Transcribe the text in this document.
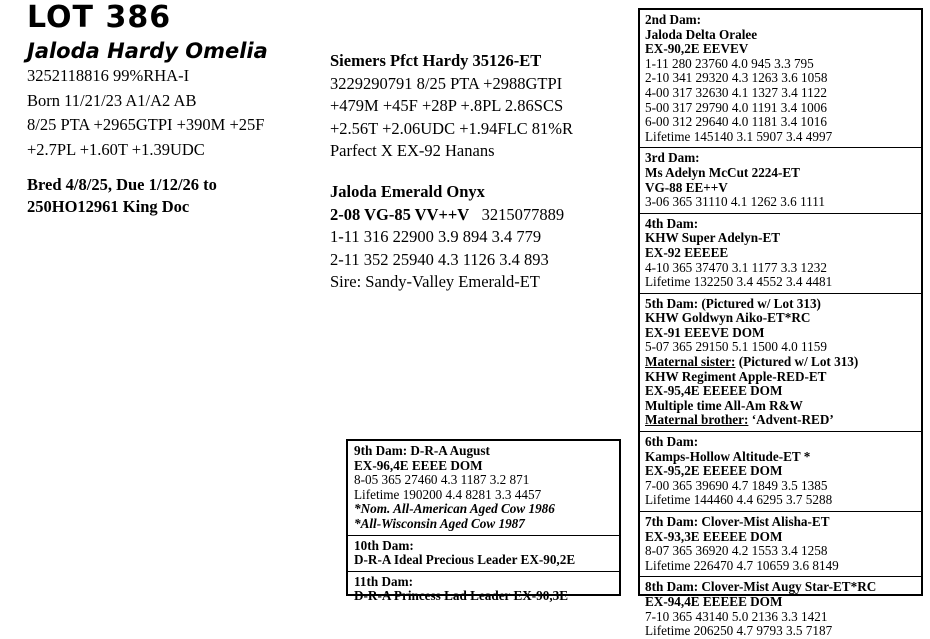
LOT 386
Jaloda Hardy Omelia
3252118816 99%RHA-I
Born 11/21/23 A1/A2 AB
8/25 PTA +2965GTPI +390M +25F
+2.7PL +1.60T +1.39UDC
Bred 4/8/25, Due 1/12/26 to
250HO12961 King Doc
Siemers Pfct Hardy 35126-ET
3229290791 8/25 PTA +2988GTPI
+479M +45F +28P +.8PL 2.86SCS
+2.56T +2.06UDC +1.94FLC 81%R
Parfect X EX-92 Hanans
Jaloda Emerald Onyx
2-08 VG-85 VV++V 3215077889
1-11 316 22900 3.9 894 3.4 779
2-11 352 25940 4.3 1126 3.4 893
Sire: Sandy-Valley Emerald-ET
2nd Dam:
Jaloda Delta Oralee
EX-90,2E EEVEV
1-11 280 23760 4.0 945 3.3 795
2-10 341 29320 4.3 1263 3.6 1058
4-00 317 32630 4.1 1327 3.4 1122
5-00 317 29790 4.0 1191 3.4 1006
6-00 312 29640 4.0 1181 3.4 1016
Lifetime 145140 3.1 5907 3.4 4997
3rd Dam:
Ms Adelyn McCut 2224-ET
VG-88 EE++V
3-06 365 31110 4.1 1262 3.6 1111
4th Dam:
KHW Super Adelyn-ET
EX-92 EEEEE
4-10 365 37470 3.1 1177 3.3 1232
Lifetime 132250 3.4 4552 3.4 4481
5th Dam: (Pictured w/ Lot 313)
KHW Goldwyn Aiko-ET*RC
EX-91 EEEVE DOM
5-07 365 29150 5.1 1500 4.0 1159
Maternal sister: (Pictured w/ Lot 313)
KHW Regiment Apple-RED-ET
EX-95,4E EEEEE DOM
Multiple time All-Am R&W
Maternal brother: ‘Advent-RED’
6th Dam:
Kamps-Hollow Altitude-ET *
EX-95,2E EEEEE DOM
7-00 365 39690 4.7 1849 3.5 1385
Lifetime 144460 4.4 6295 3.7 5288
7th Dam: Clover-Mist Alisha-ET
EX-93,3E EEEEE DOM
8-07 365 36920 4.2 1553 3.4 1258
Lifetime 226470 4.7 10659 3.6 8149
8th Dam: Clover-Mist Augy Star-ET*RC
EX-94,4E EEEEE DOM
7-10 365 43140 5.0 2136 3.3 1421
Lifetime 206250 4.7 9793 3.5 7187
9th Dam: D-R-A August
EX-96,4E EEEE DOM
8-05 365 27460 4.3 1187 3.2 871
Lifetime 190200 4.4 8281 3.3 4457
*Nom. All-American Aged Cow 1986
*All-Wisconsin Aged Cow 1987
10th Dam:
D-R-A Ideal Precious Leader EX-90,2E
11th Dam:
D-R-A Princess Lad Leader EX-90,3E
